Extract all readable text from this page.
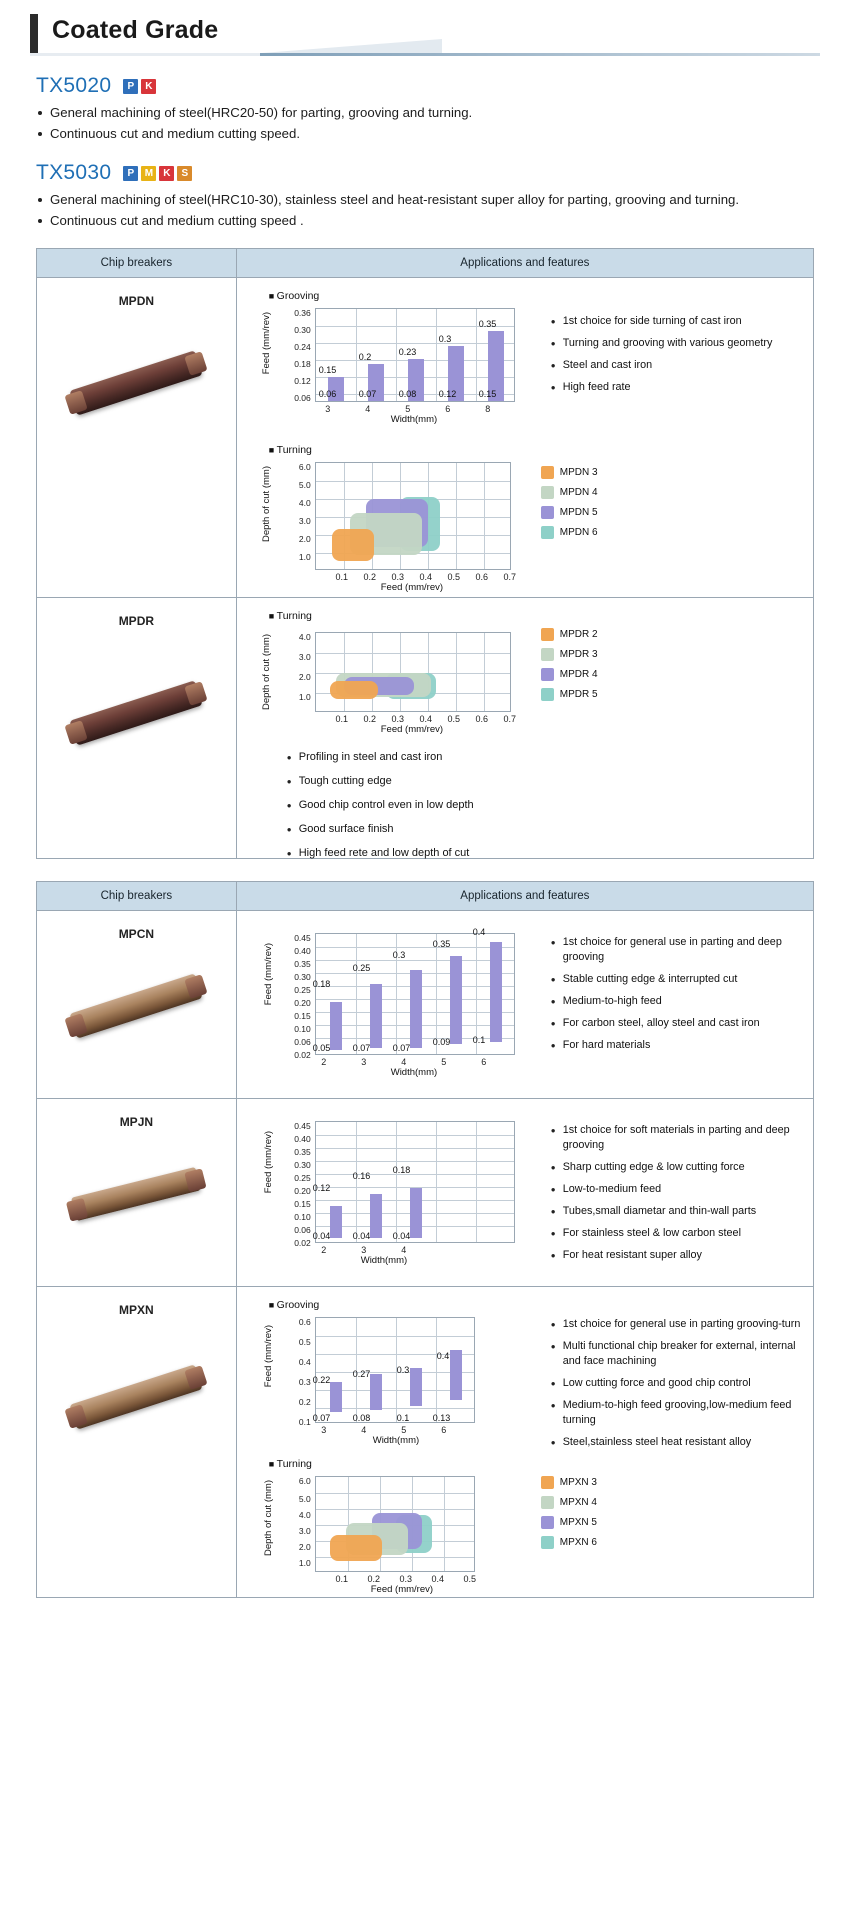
Coated Grade
TX5020	P	K
General machining of steel(HRC20-50) for parting, grooving and turning.
Continuous cut and medium cutting speed.
TX5030	P	M	K	S
General machining of steel(HRC10-30), stainless steel and heat-resistant super alloy for parting, grooving and turning.
Continuous cut and medium cutting speed .
Chip breakers	Applications and features
MPDN	■ Grooving
Feed (mm/rev)	0.36
0.30
0.24
0.18
0.12
0.06
0.15
0.2	0.23
0.3
0.35
0.06 0.07 0.08 0.12 0.15
3	4	5	6	8
Width(mm)
● 1st choice for side turning of cast iron
● Turning and grooving with various geometry
● Steel and cast iron
● High feed rate
■ Turning
Depth of cut (mm)	6.0
5.0
4.0
3.0
2.0
1.0
0.1	0.2	0.3	0.4	0.5	0.6	0.7
Feed (mm/rev)
MPDN 3
MPDN 4
MPDN 5
MPDN 6
MPDR	■ Turning
Depth of cut (mm)	4.0
3.0
2.0
1.0
0.1	0.2	0.3	0.4	0.5	0.6	0.7
Feed (mm/rev)
MPDR 2
MPDR 3
MPDR 4
MPDR 5
● Profiling in steel and cast iron
● Tough cutting edge
● Good chip control even in low depth
● Good surface finish
● High feed rete and low depth of cut
Chip breakers	Applications and features
MPCN
Feed (mm/rev)
0.45
0.40
0.35
0.30
0.25
0.20
0.15
0.10
0.06
0.02
0.18
0.25
0.3
0.35
0.4
0.05 0.07 0.07
0.09 0.1
2	3	4	5	6
Width(mm)
● 1st choice for general use in parting and deep grooving
● Stable cutting edge & interrupted cut
● Medium-to-high feed
● For carbon steel, alloy steel and cast iron
● For hard materials
MPJN
Feed (mm/rev)
0.45
0.40
0.35
0.30
0.25
0.20
0.15
0.10
0.06
0.02
0.12
0.16
0.18
0.04 0.04 0.04
2	3	4
Width(mm)
● 1st choice for soft materials in parting and deep grooving
● Sharp cutting edge & low cutting force
● Low-to-medium feed
● Tubes,small diametar and thin-wall parts
● For stainless steel & low carbon steel
● For heat resistant super alloy
MPXN	■ Grooving
Feed (mm/rev)
0.6
0.5
0.4
0.3
0.2
0.1
0.22
0.27	0.3
0.4
0.07 0.08	0.1	0.13
3	4	5	6
Width(mm)
● 1st choice for general use in parting grooving-turn
● Multi functional chip breaker for external, internal and face machining
● Low cutting force and good chip control
● Medium-to-high feed grooving,low-medium feed turning
● Steel,stainless steel heat resistant alloy
■ Turning
Depth of cut (mm)	6.0
5.0
4.0
3.0
2.0
1.0
0.1	0.2	0.3	0.4	0.5
Feed (mm/rev)
MPXN 3
MPXN 4
MPXN 5
MPXN 6
